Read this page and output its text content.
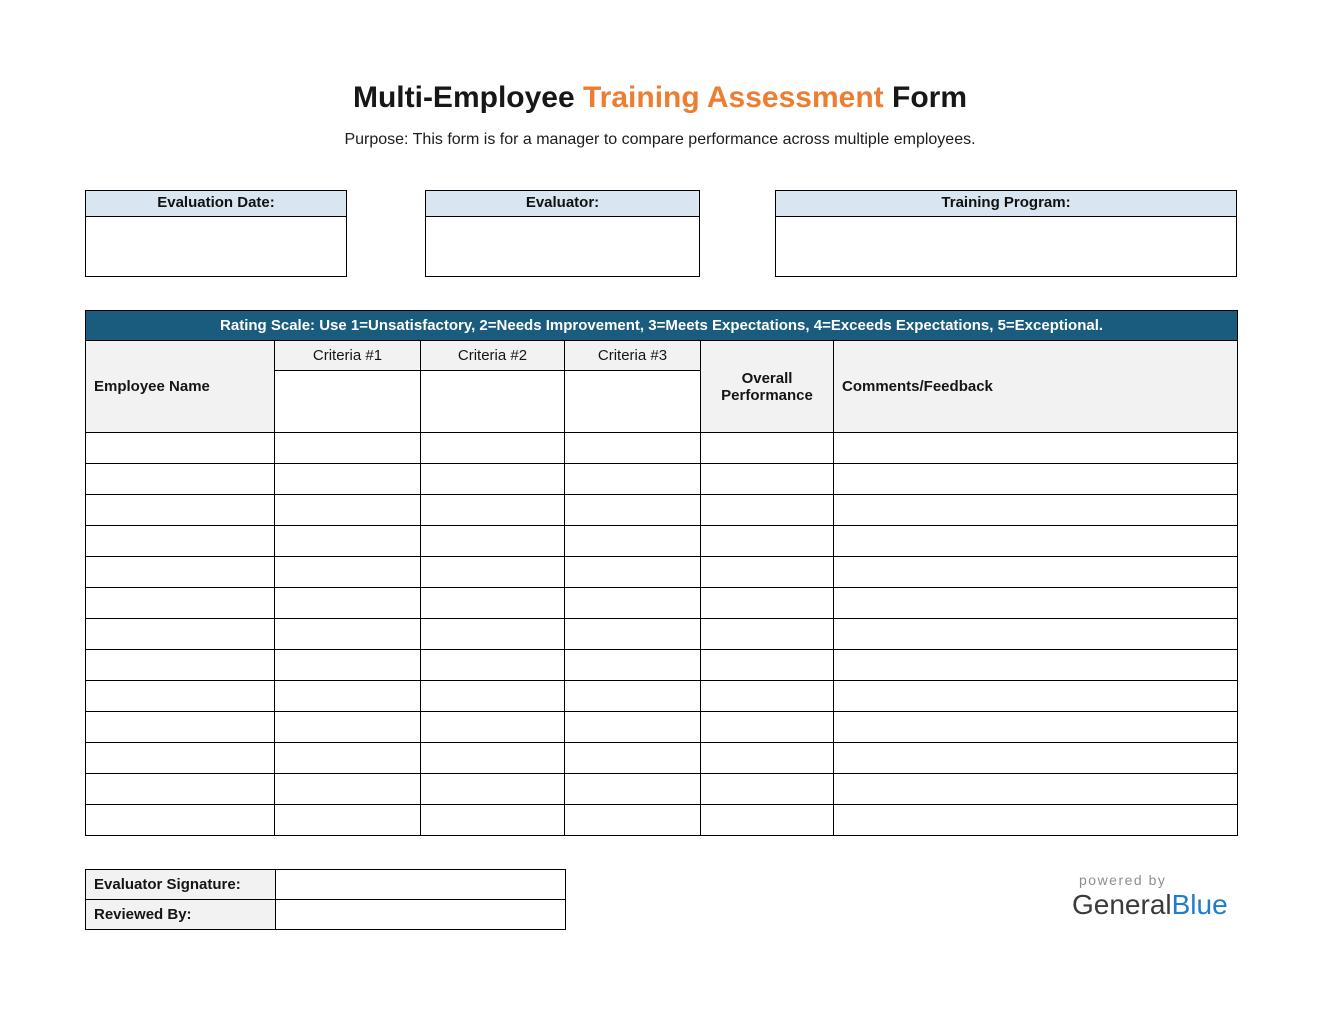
Multi-Employee Training Assessment Form

Purpose: This form is for a manager to compare performance across multiple employees.

Evaluation Date:	Evaluator:	Training Program:
Rating Scale: Use 1=Unsatisfactory, 2=Needs Improvement, 3=Meets Expectations, 4=Exceeds Expectations, 5=Exceptional.					
Employee Name	Criteria #1	Criteria #2	Criteria #3	Overall Performance	Comments/Feedback

Evaluator Signature:	
Reviewed By:	
powered by
GeneralBlue
